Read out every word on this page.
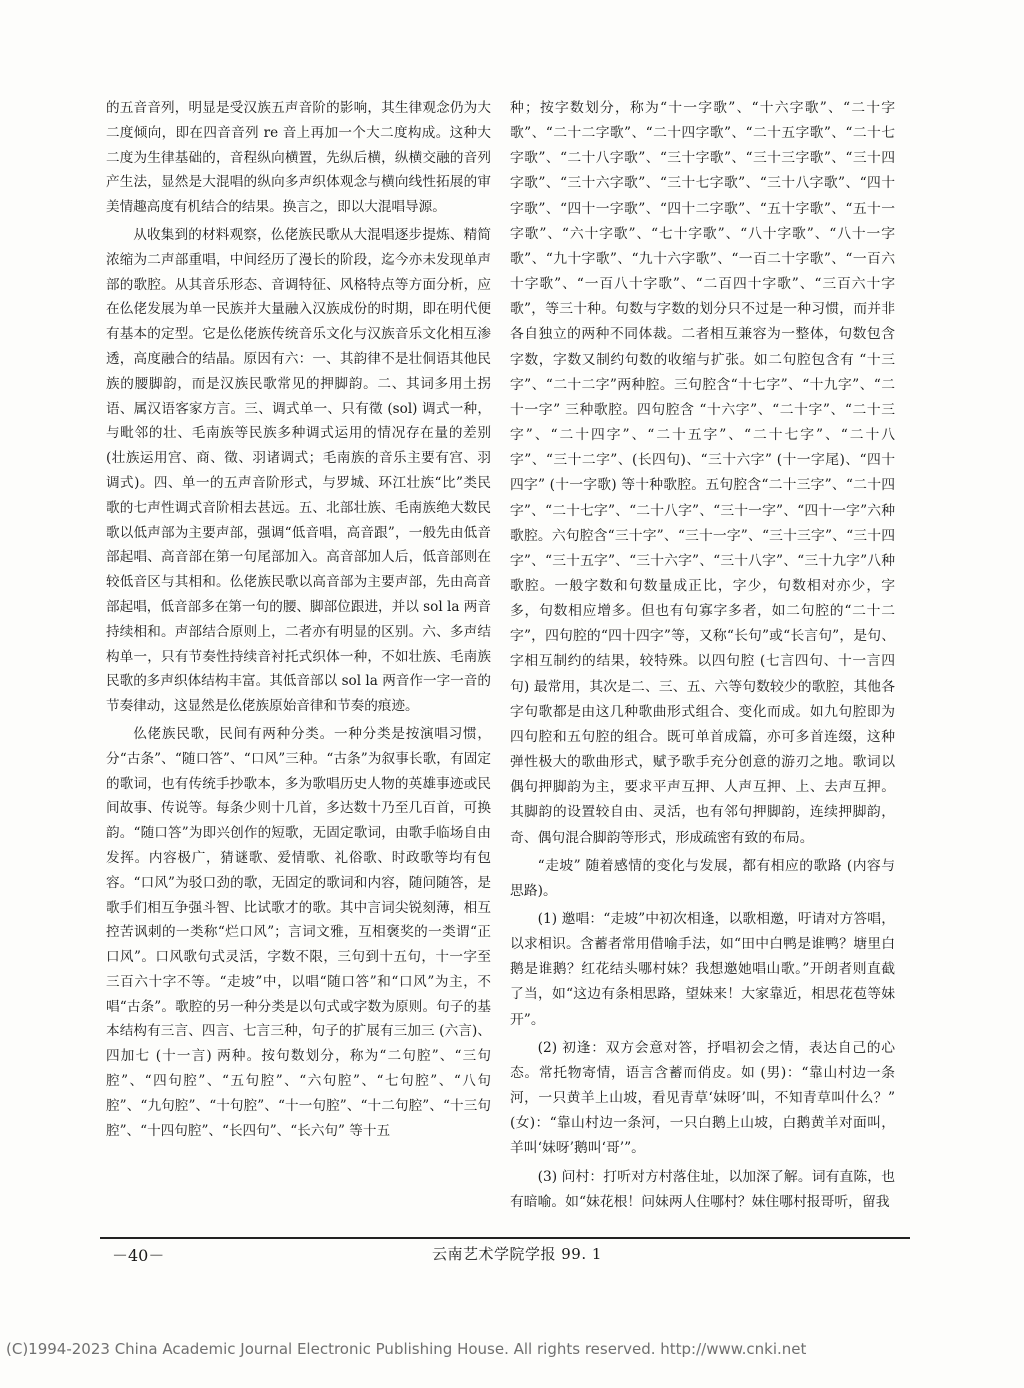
的五音音列，明显是受汉族五声音阶的影响，其生律观念仍为大二度倾向，即在四音音列 re 音上再加一个大二度构成。这种大二度为生律基础的，音程纵向横置，先纵后横，纵横交融的音列产生法，显然是大混唱的纵向多声织体观念与横向线性拓展的审美情趣高度有机结合的结果。换言之，即以大混唱导源。

从收集到的材料观察，仫佬族民歌从大混唱逐步提炼、精简浓缩为二声部重唱，中间经历了漫长的阶段，迄今亦未发现单声部的歌腔。从其音乐形态、音调特征、风格特点等方面分析，应在仫佬发展为单一民族并大量融入汉族成份的时期，即在明代便有基本的定型。它是仫佬族传统音乐文化与汉族音乐文化相互渗透，高度融合的结晶。原因有六：一、其韵律不是壮侗语其他民族的腰脚韵，而是汉族民歌常见的押脚韵。二、其词多用土拐语、属汉语客家方言。三、调式单一、只有徵 (sol) 调式一种，与毗邻的壮、毛南族等民族多种调式运用的情况存在量的差别 (壮族运用宫、商、徵、羽诸调式；毛南族的音乐主要有宫、羽调式)。四、单一的五声音阶形式，与罗城、环江壮族“比”类民歌的七声性调式音阶相去甚远。五、北部壮族、毛南族绝大数民歌以低声部为主要声部，强调“低音唱，高音跟”，一般先由低音部起唱、高音部在第一句尾部加入。高音部加人后，低音部则在较低音区与其相和。仫佬族民歌以高音部为主要声部，先由高音部起唱，低音部多在第一句的腰、脚部位跟进，并以 sol la 两音持续相和。声部结合原则上，二者亦有明显的区别。六、多声结构单一，只有节奏性持续音衬托式织体一种，不如壮族、毛南族民歌的多声织体结构丰富。其低音部以 sol la 两音作一字一音的节奏律动，这显然是仫佬族原始音律和节奏的痕迹。

仫佬族民歌，民间有两种分类。一种分类是按演唱习惯，分“古条”、“随口答”、“口风”三种。“古条”为叙事长歌，有固定的歌词，也有传统手抄歌本，多为歌唱历史人物的英雄事迹或民间故事、传说等。每条少则十几首，多达数十乃至几百首，可换韵。“随口答”为即兴创作的短歌，无固定歌词，由歌手临场自由发挥。内容极广，猜谜歌、爱情歌、礼俗歌、时政歌等均有包容。“口风”为驳口劲的歌，无固定的歌词和内容，随问随答，是歌手们相互争强斗智、比试歌才的歌。其中言词尖锐刻薄，相互控苦讽刺的一类称“烂口风”；言词文雅，互相褒奖的一类谓“正口风”。口风歌句式灵活，字数不限，三句到十五句，十一字至三百六十字不等。“走坡”中，以唱“随口答”和“口风”为主，不唱“古条”。歌腔的另一种分类是以句式或字数为原则。句子的基本结构有三言、四言、七言三种，句子的扩展有三加三 (六言)、四加七 (十一言) 两种。按句数划分，称为“二句腔”、“三句腔”、“四句腔”、“五句腔”、“六句腔”、“七句腔”、“八句腔”、“九句腔”、“十句腔”、“十一句腔”、“十二句腔”、“十三句腔”、“十四句腔”、“长四句”、“长六句” 等十五

种；按字数划分，称为“十一字歌”、“十六字歌”、“二十字歌”、“二十二字歌”、“二十四字歌”、“二十五字歌”、“二十七字歌”、“二十八字歌”、“三十字歌”、“三十三字歌”、“三十四字歌”、“三十六字歌”、“三十七字歌”、“三十八字歌”、“四十字歌”、“四十一字歌”、“四十二字歌”、“五十字歌”、“五十一字歌”、“六十字歌”、“七十字歌”、“八十字歌”、“八十一字歌”、“九十字歌”、“九十六字歌”、“一百二十字歌”、“一百六十字歌”、“一百八十字歌”、“二百四十字歌”、“三百六十字歌”，等三十种。句数与字数的划分只不过是一种习惯，而并非各自独立的两种不同体裁。二者相互兼容为一整体，句数包含字数，字数又制约句数的收缩与扩张。如二句腔包含有 “十三字”、“二十二字”两种腔。三句腔含“十七字”、“十九字”、“二十一字” 三种歌腔。四句腔含 “十六字”、“二十字”、“二十三字”、“二十四字”、“二十五字”、“二十七字”、“二十八字”、“三十二字”、(长四句)、“三十六字” (十一字尾)、“四十四字” (十一字歌) 等十种歌腔。五句腔含“二十三字”、“二十四字”、“二十七字”、“二十八字”、“三十一字”、“四十一字”六种歌腔。六句腔含“三十字”、“三十一字”、“三十三字”、“三十四字”、“三十五字”、“三十六字”、“三十八字”、“三十九字”八种歌腔。一般字数和句数量成正比，字少，句数相对亦少，字多，句数相应增多。但也有句寡字多者，如二句腔的“二十二字”，四句腔的“四十四字”等，又称“长句”或“长言句”，是句、字相互制约的结果，较特殊。以四句腔 (七言四句、十一言四句) 最常用，其次是二、三、五、六等句数较少的歌腔，其他各字句歌都是由这几种歌曲形式组合、变化而成。如九句腔即为四句腔和五句腔的组合。既可单首成篇，亦可多首连缀，这种弹性极大的歌曲形式，赋予歌手充分创意的游刃之地。歌词以偶句押脚韵为主，要求平声互押、人声互押、上、去声互押。其脚韵的设置较自由、灵活，也有邻句押脚韵，连续押脚韵，奇、偶句混合脚韵等形式，形成疏密有致的布局。

“走坡” 随着感情的变化与发展，都有相应的歌路 (内容与思路)。

(1) 邀唱：“走坡”中初次相逢，以歌相邀，吁请对方答唱，以求相识。含蓄者常用借喻手法，如“田中白鸭是谁鸭？塘里白鹅是谁鹅？红花结头哪村妹？我想邀她唱山歌。”开朗者则直截了当，如“这边有条相思路，望妹来！大家靠近，相思花苞等妹开”。

(2) 初逢：双方会意对答，抒唱初会之情，表达自己的心态。常托物寄情，语言含蓄而俏皮。如 (男)：“靠山村边一条河，一只黄羊上山坡，看见青草‘妹呀’叫，不知青草叫什么？” (女)：“靠山村边一条河，一只白鹅上山坡，白鹅黄羊对面叫，羊叫‘妹呀’鹅叫‘哥’”。

(3) 问村：打听对方村落住址，以加深了解。词有直陈，也有暗喻。如“妹花根！问妹两人住哪村？妹住哪村报哥听，留我

－40－	云南艺术学院学报 99. 1
(C)1994-2023 China Academic Journal Electronic Publishing House. All rights reserved. http://www.cnki.net
